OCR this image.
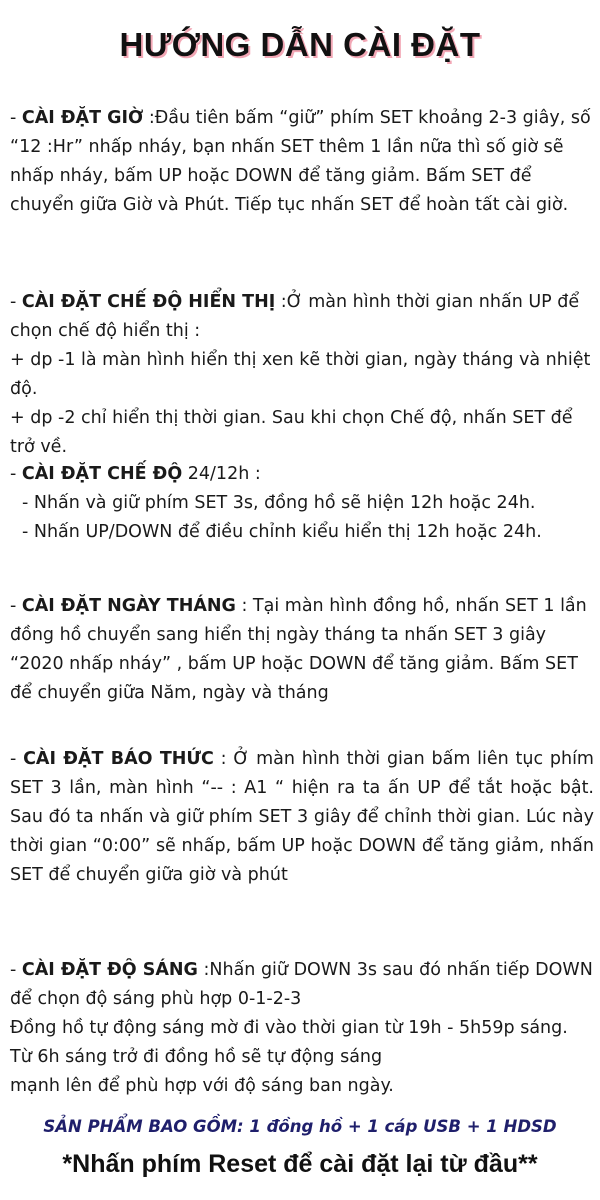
HƯỚNG DẪN CÀI ĐẶT

- CÀI ĐẶT GIỜ :Đầu tiên bấm “giữ” phím SET khoảng 2-3 giây, số “12 :Hr” nhấp nháy, bạn nhấn SET thêm 1 lần nữa thì số giờ sẽ nhấp nháy, bấm UP hoặc DOWN để tăng giảm. Bấm SET để chuyển giữa Giờ và Phút. Tiếp tục nhấn SET để hoàn tất cài giờ.

- CÀI ĐẶT CHẾ ĐỘ HIỂN THỊ :Ở màn hình thời gian nhấn UP để chọn chế độ hiển thị :

+ dp -1 là màn hình hiển thị xen kẽ thời gian, ngày tháng và nhiệt độ.

+ dp -2 chỉ hiển thị thời gian. Sau khi chọn Chế độ, nhấn SET để trở về.

- CÀI ĐẶT CHẾ ĐỘ 24/12h :

- Nhấn và giữ phím SET 3s, đồng hồ sẽ hiện 12h hoặc 24h.

- Nhấn UP/DOWN để điều chỉnh kiểu hiển thị 12h hoặc 24h.

- CÀI ĐẶT NGÀY THÁNG : Tại màn hình đồng hồ, nhấn SET 1 lần đồng hồ chuyển sang hiển thị ngày tháng ta nhấn SET 3 giây “2020 nhấp nháy” , bấm UP hoặc DOWN để tăng giảm. Bấm SET để chuyển giữa Năm, ngày và tháng

- CÀI ĐẶT BÁO THỨC : Ở màn hình thời gian bấm liên tục phím SET 3 lần, màn hình “-- : A1 “ hiện ra ta ấn UP để tắt hoặc bật. Sau đó ta nhấn và giữ phím SET 3 giây để chỉnh thời gian. Lúc này thời gian “0:00” sẽ nhấp, bấm UP hoặc DOWN để tăng giảm, nhấn SET để chuyển giữa giờ và phút

- CÀI ĐẶT ĐỘ SÁNG :Nhấn giữ DOWN 3s sau đó nhấn tiếp DOWN để chọn độ sáng phù hợp 0-1-2-3

Đồng hồ tự động sáng mờ đi vào thời gian từ 19h - 5h59p sáng. Từ 6h sáng trở đi đồng hồ sẽ tự động sáng

mạnh lên để phù hợp với độ sáng ban ngày.

SẢN PHẨM BAO GỒM: 1 đồng hồ + 1 cáp USB + 1 HDSD

*Nhấn phím Reset để cài đặt lại từ đầu**
